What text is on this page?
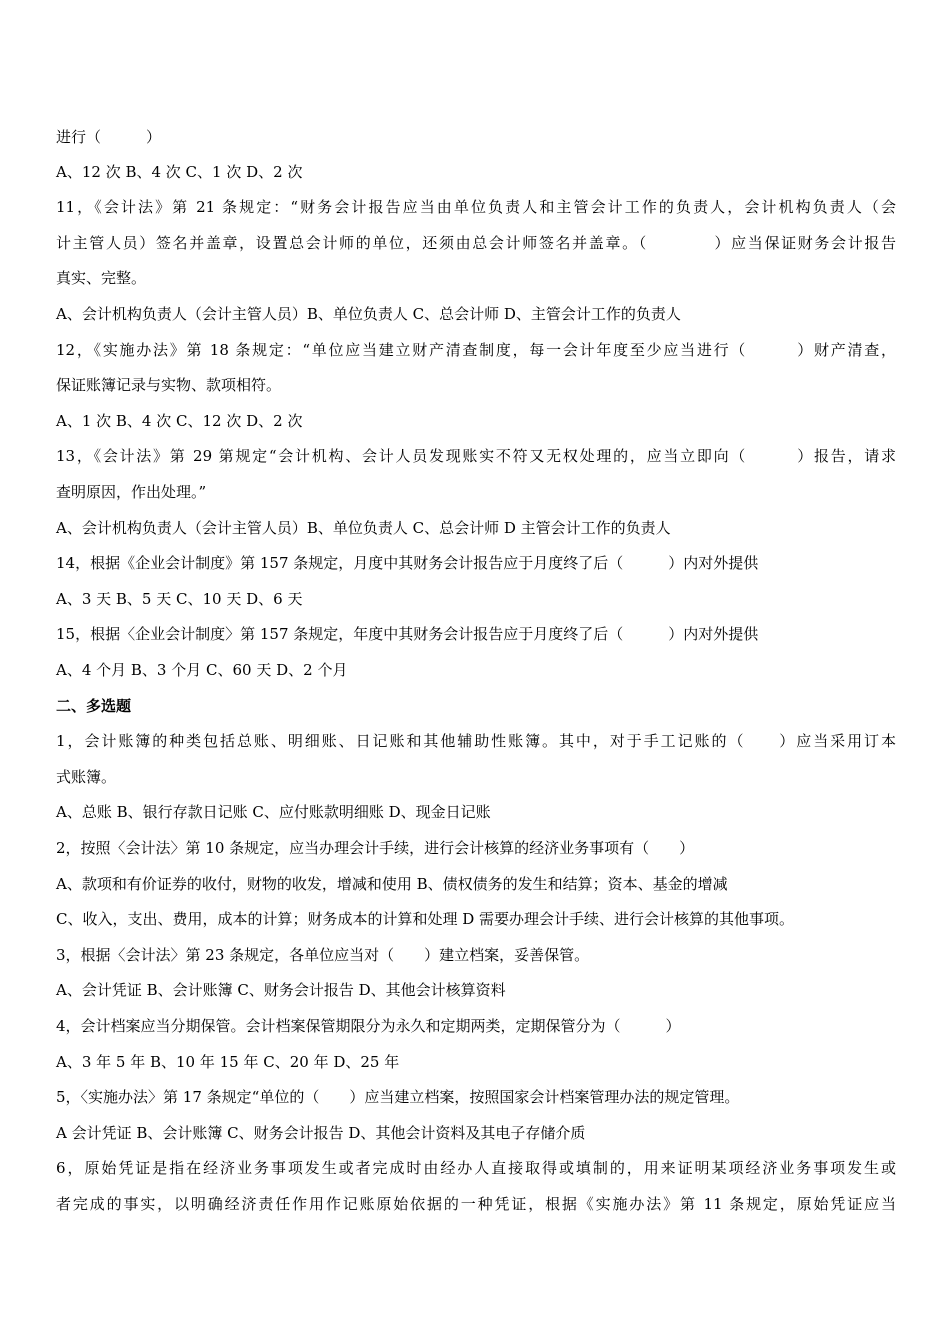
进行（　　　）

A、12 次 B、4 次 C、1 次 D、2 次

11，《会计法》第 21 条规定：“财务会计报告应当由单位负责人和主管会计工作的负责人，会计机构负责人（会

计主管人员）签名并盖章，设置总会计师的单位，还须由总会计师签名并盖章。（　　　　）应当保证财务会计报告

真实、完整。

A、会计机构负责人（会计主管人员）B、单位负责人 C、总会计师 D、主管会计工作的负责人

12，《实施办法》第 18 条规定：“单位应当建立财产清查制度，每一会计年度至少应当进行（　　　）财产清查，

保证账簿记录与实物、款项相符。

A、1 次 B、4 次 C、12 次 D、2 次

13，《会计法》第 29 第规定“会计机构、会计人员发现账实不符又无权处理的，应当立即向（　　　）报告，请求

查明原因，作出处理。”

A、会计机构负责人（会计主管人员）B、单位负责人 C、总会计师 D 主管会计工作的负责人

14，根据《企业会计制度》第 157 条规定，月度中其财务会计报告应于月度终了后（　　　）内对外提供

A、3 天 B、5 天 C、10 天 D、6 天

15，根据〈企业会计制度〉第 157 条规定，年度中其财务会计报告应于月度终了后（　　　）内对外提供

A、4 个月 B、3 个月 C、60 天 D、2 个月

二、多选题

1，会计账簿的种类包括总账、明细账、日记账和其他辅助性账簿。其中，对于手工记账的（　　）应当采用订本

式账簿。

A、总账 B、银行存款日记账 C、应付账款明细账 D、现金日记账

2，按照〈会计法〉第 10 条规定，应当办理会计手续，进行会计核算的经济业务事项有（　　）

A、款项和有价证券的收付，财物的收发，增减和使用 B、债权债务的发生和结算；资本、基金的增减

C、收入，支出、费用，成本的计算；财务成本的计算和处理 D 需要办理会计手续、进行会计核算的其他事项。

3，根据〈会计法〉第 23 条规定，各单位应当对（　　）建立档案，妥善保管。

A、会计凭证 B、会计账簿 C、财务会计报告 D、其他会计核算资料

4，会计档案应当分期保管。会计档案保管期限分为永久和定期两类，定期保管分为（　　　）

A、3 年 5 年 B、10 年 15 年 C、20 年 D、25 年

5，〈实施办法〉第 17 条规定“单位的（　　）应当建立档案，按照国家会计档案管理办法的规定管理。

A 会计凭证 B、会计账簿 C、财务会计报告 D、其他会计资料及其电子存储介质

6，原始凭证是指在经济业务事项发生或者完成时由经办人直接取得或填制的，用来证明某项经济业务事项发生或

者完成的事实，以明确经济责任作用作记账原始依据的一种凭证，根据《实施办法》第 11 条规定，原始凭证应当
